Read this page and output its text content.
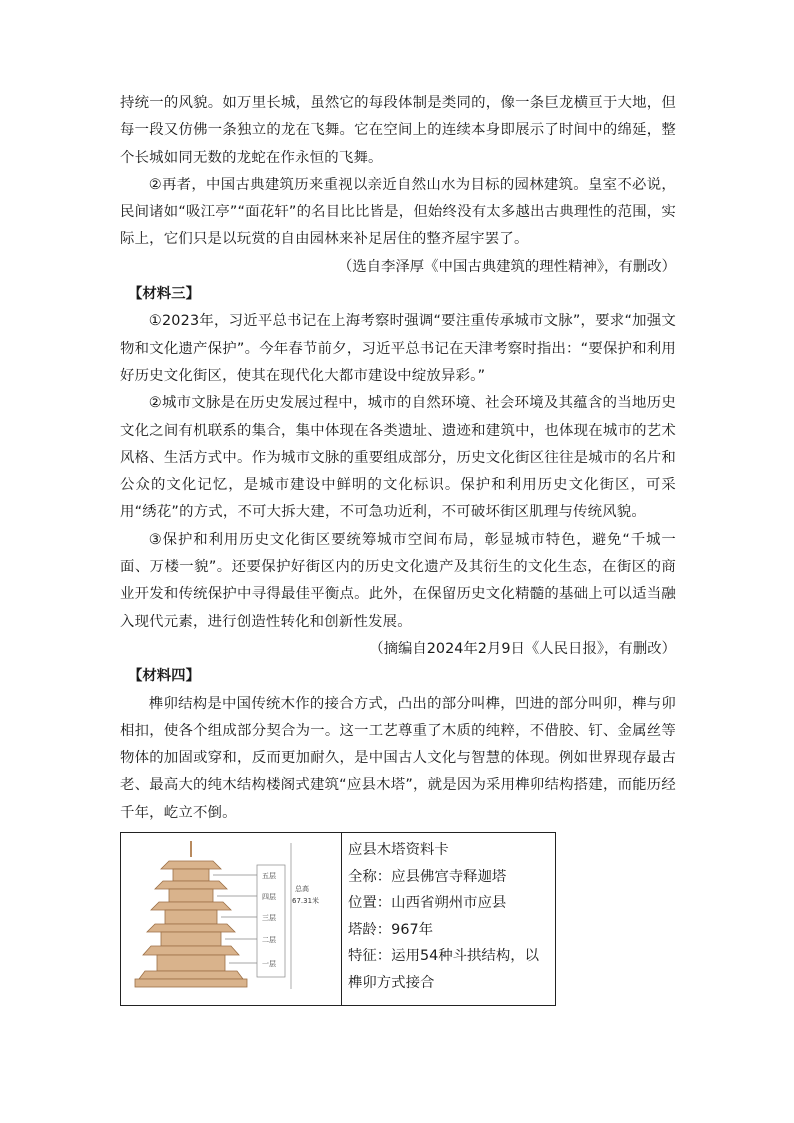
持统一的风貌。如万里长城，虽然它的每段体制是类同的，像一条巨龙横亘于大地，但每一段又仿佛一条独立的龙在飞舞。它在空间上的连续本身即展示了时间中的绵延，整个长城如同无数的龙蛇在作永恒的飞舞。

②再者，中国古典建筑历来重视以亲近自然山水为目标的园林建筑。皇室不必说，民间诸如“吸江亭”“面花轩”的名目比比皆是，但始终没有太多越出古典理性的范围，实际上，它们只是以玩赏的自由园林来补足居住的整齐屋宇罢了。

（选自李泽厚《中国古典建筑的理性精神》，有删改）

【材料三】

①2023年，习近平总书记在上海考察时强调“要注重传承城市文脉”，要求“加强文物和文化遗产保护”。今年春节前夕，习近平总书记在天津考察时指出：“要保护和利用好历史文化街区，使其在现代化大都市建设中绽放异彩。”

②城市文脉是在历史发展过程中，城市的自然环境、社会环境及其蕴含的当地历史文化之间有机联系的集合，集中体现在各类遗址、遗迹和建筑中，也体现在城市的艺术风格、生活方式中。作为城市文脉的重要组成部分，历史文化街区往往是城市的名片和公众的文化记忆，是城市建设中鲜明的文化标识。保护和利用历史文化街区，可采用“绣花”的方式，不可大拆大建，不可急功近利，不可破坏街区肌理与传统风貌。

③保护和利用历史文化街区要统筹城市空间布局，彰显城市特色，避免“千城一面、万楼一貌”。还要保护好街区内的历史文化遗产及其衍生的文化生态，在街区的商业开发和传统保护中寻得最佳平衡点。此外，在保留历史文化精髓的基础上可以适当融入现代元素，进行创造性转化和创新性发展。

（摘编自2024年2月9日《人民日报》，有删改）

【材料四】

榫卯结构是中国传统木作的接合方式，凸出的部分叫榫，凹进的部分叫卯，榫与卯相扣，使各个组成部分契合为一。这一工艺尊重了木质的纯粹，不借胶、钉、金属丝等物体的加固或穿和，反而更加耐久，是中国古人文化与智慧的体现。例如世界现存最古老、最高大的纯木结构楼阁式建筑“应县木塔”，就是因为采用榫卯结构搭建，而能历经千年，屹立不倒。

五层
四层
三层
二层
一层
总高
67.31米
应县木塔资料卡
全称：应县佛宫寺释迦塔
位置：山西省朔州市应县
塔龄：967年
特征：运用54种斗拱结构，以
榫卯方式接合
